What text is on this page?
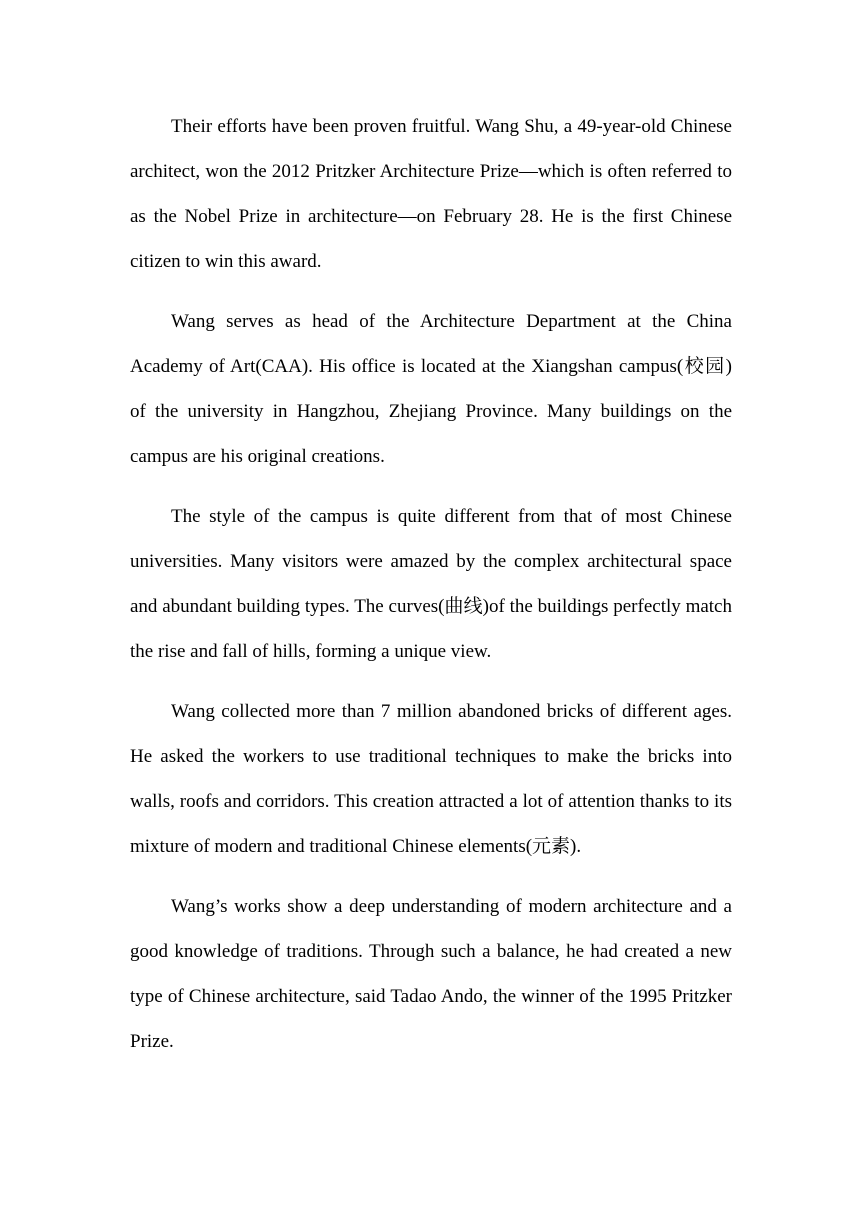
Their efforts have been proven fruitful. Wang Shu, a 49-year-old Chinese architect, won the 2012 Pritzker Architecture Prize—which is often referred to as the Nobel Prize in architecture—on February 28. He is the first Chinese citizen to win this award.

Wang serves as head of the Architecture Department at the China Academy of Art(CAA). His office is located at the Xiangshan campus(校园) of the university in Hangzhou, Zhejiang Province. Many buildings on the campus are his original creations.

The style of the campus is quite different from that of most Chinese universities. Many visitors were amazed by the complex architectural space and abundant building types. The curves(曲线)of the buildings perfectly match the rise and fall of hills, forming a unique view.

Wang collected more than 7 million abandoned bricks of different ages. He asked the workers to use traditional techniques to make the bricks into walls, roofs and corridors. This creation attracted a lot of attention thanks to its mixture of modern and traditional Chinese elements(元素).

Wang’s works show a deep understanding of modern architecture and a good knowledge of traditions. Through such a balance, he had created a new type of Chinese architecture, said Tadao Ando, the winner of the 1995 Pritzker Prize.
